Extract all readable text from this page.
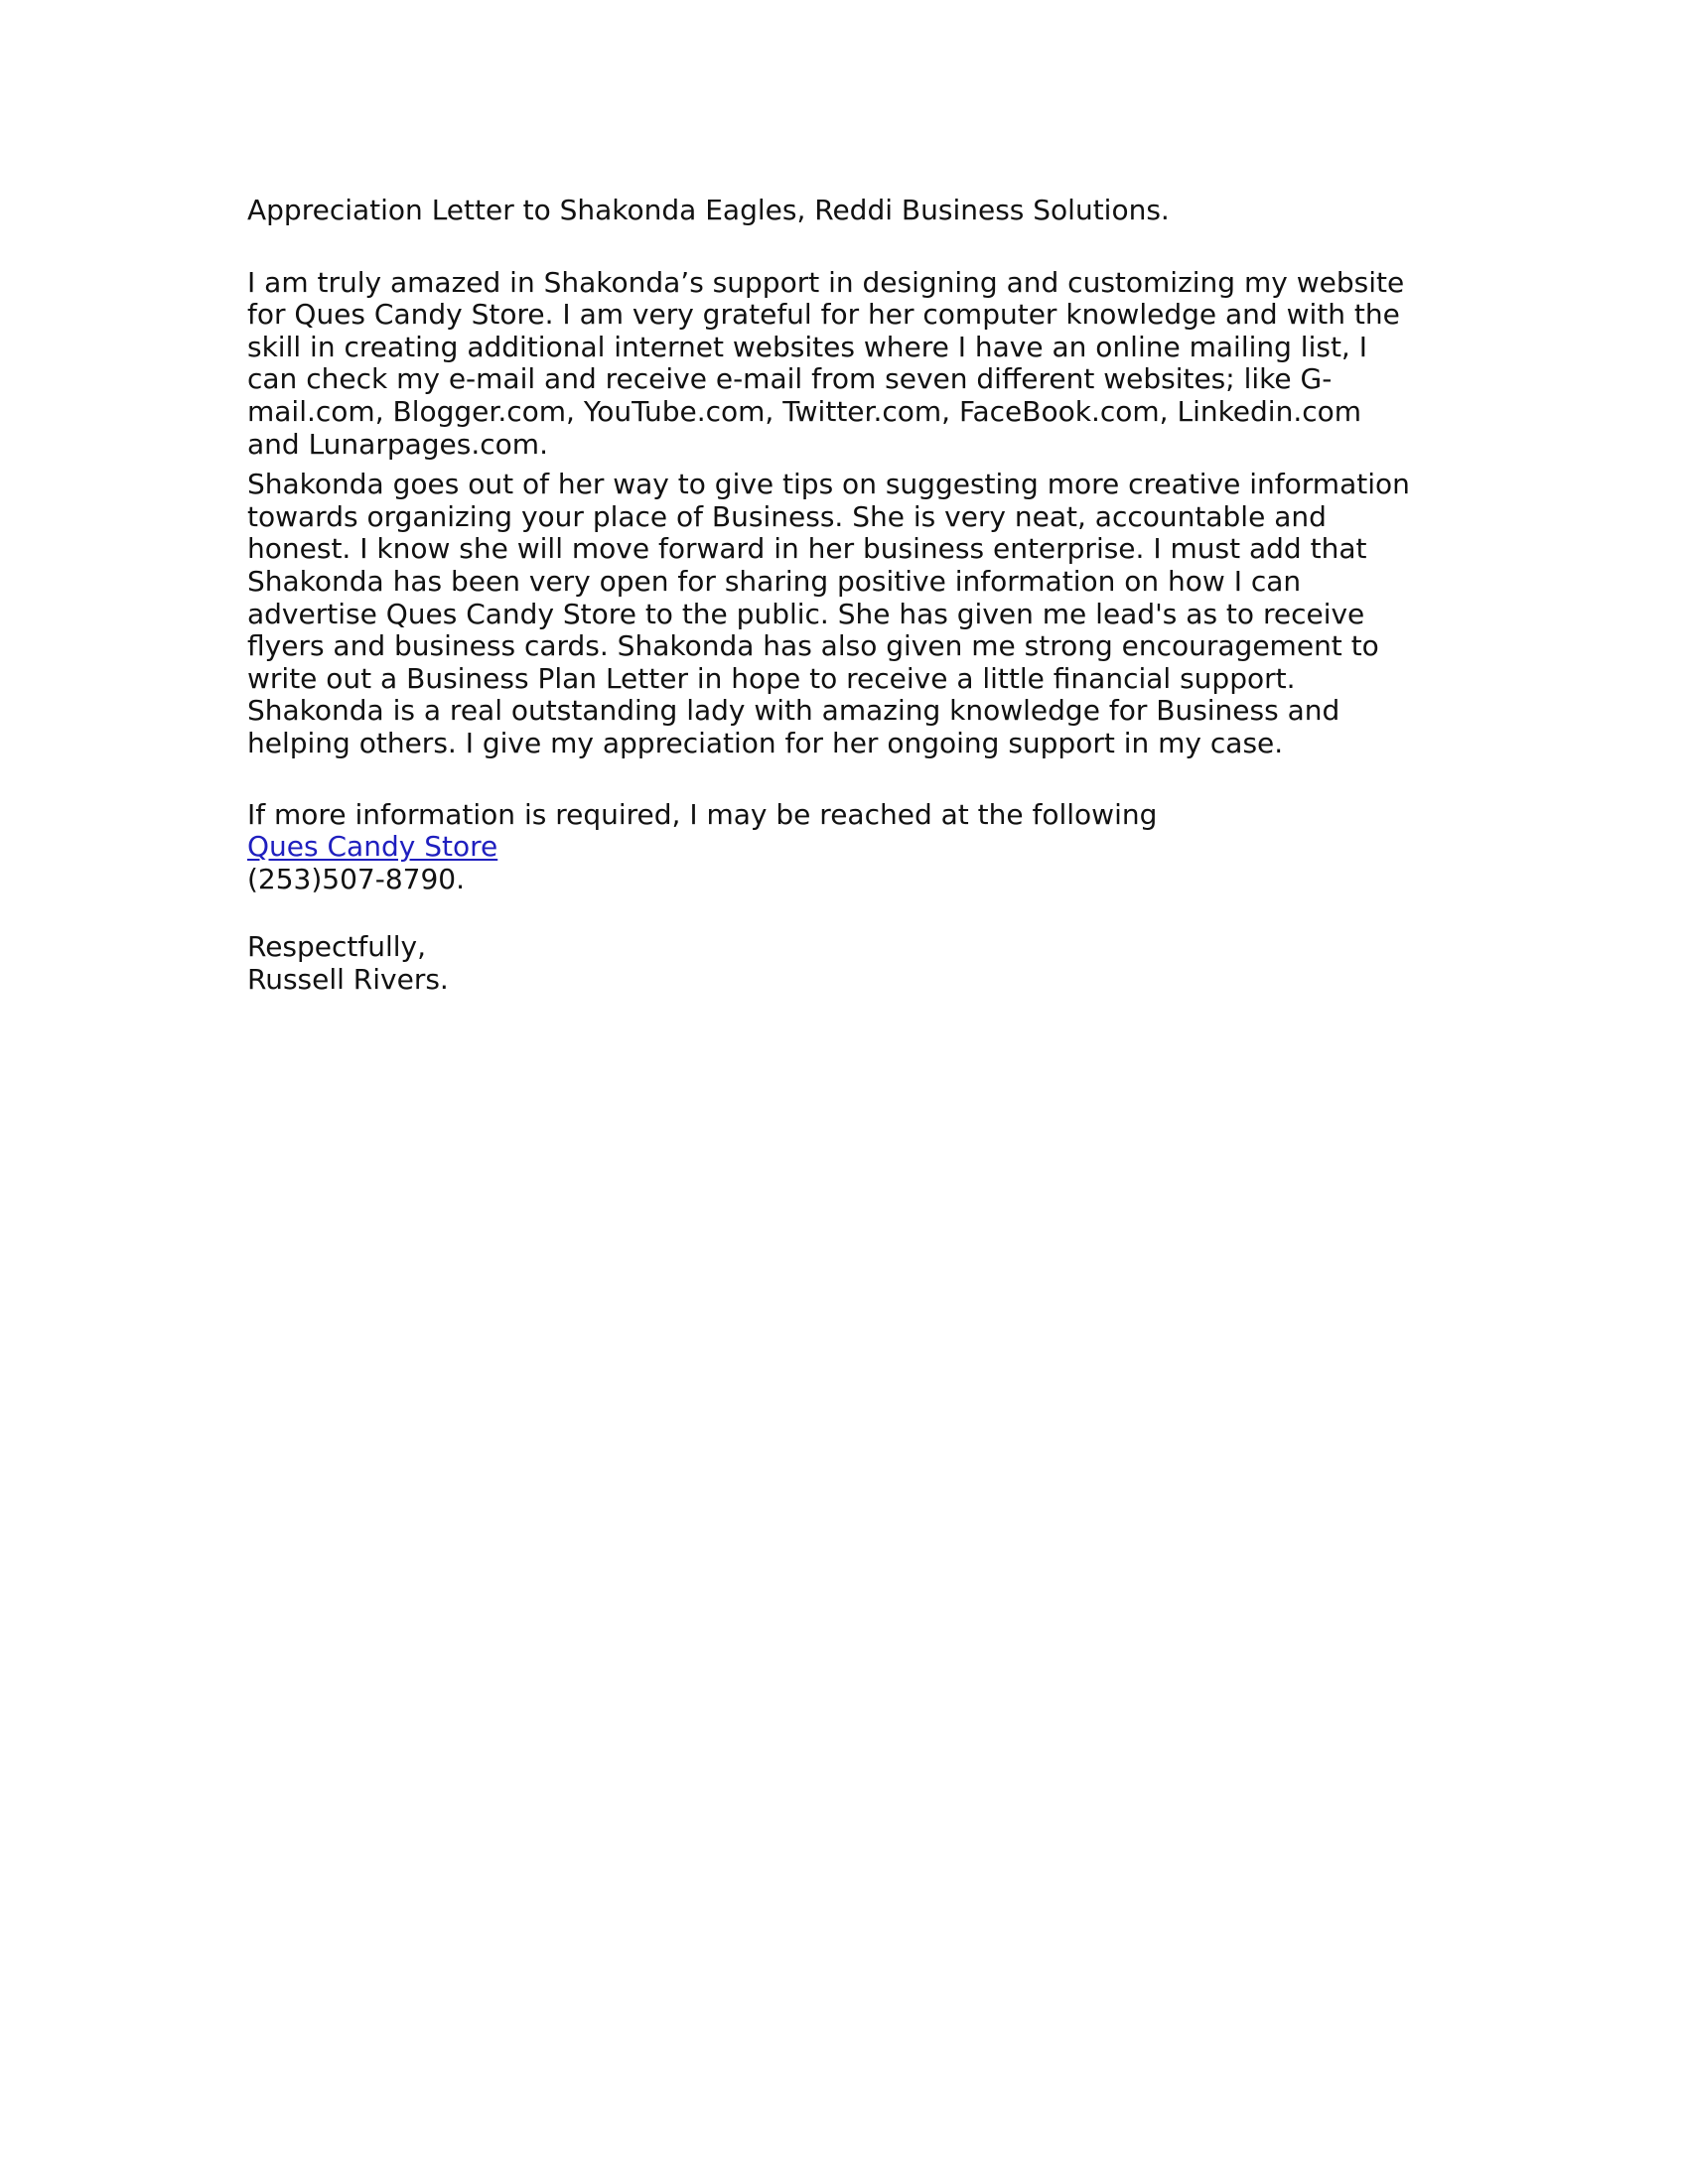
Appreciation Letter to Shakonda Eagles, Reddi Business Solutions.
I am truly amazed in Shakonda’s support in designing and customizing my website
for Ques Candy Store. I am very grateful for her computer knowledge and with the
skill in creating additional internet websites where I have an online mailing list, I
can check my e-mail and receive e-mail from seven different websites; like G-
mail.com, Blogger.com, YouTube.com, Twitter.com, FaceBook.com, Linkedin.com
and Lunarpages.com.
Shakonda goes out of her way to give tips on suggesting more creative information
towards organizing your place of Business. She is very neat, accountable and
honest. I know she will move forward in her business enterprise. I must add that
Shakonda has been very open for sharing positive information on how I can
advertise Ques Candy Store to the public. She has given me lead's as to receive
flyers and business cards. Shakonda has also given me strong encouragement to
write out a Business Plan Letter in hope to receive a little financial support.
Shakonda is a real outstanding lady with amazing knowledge for Business and
helping others. I give my appreciation for her ongoing support in my case.
If more information is required, I may be reached at the following
Ques Candy Store
(253)507-8790.
Respectfully,
Russell Rivers.
